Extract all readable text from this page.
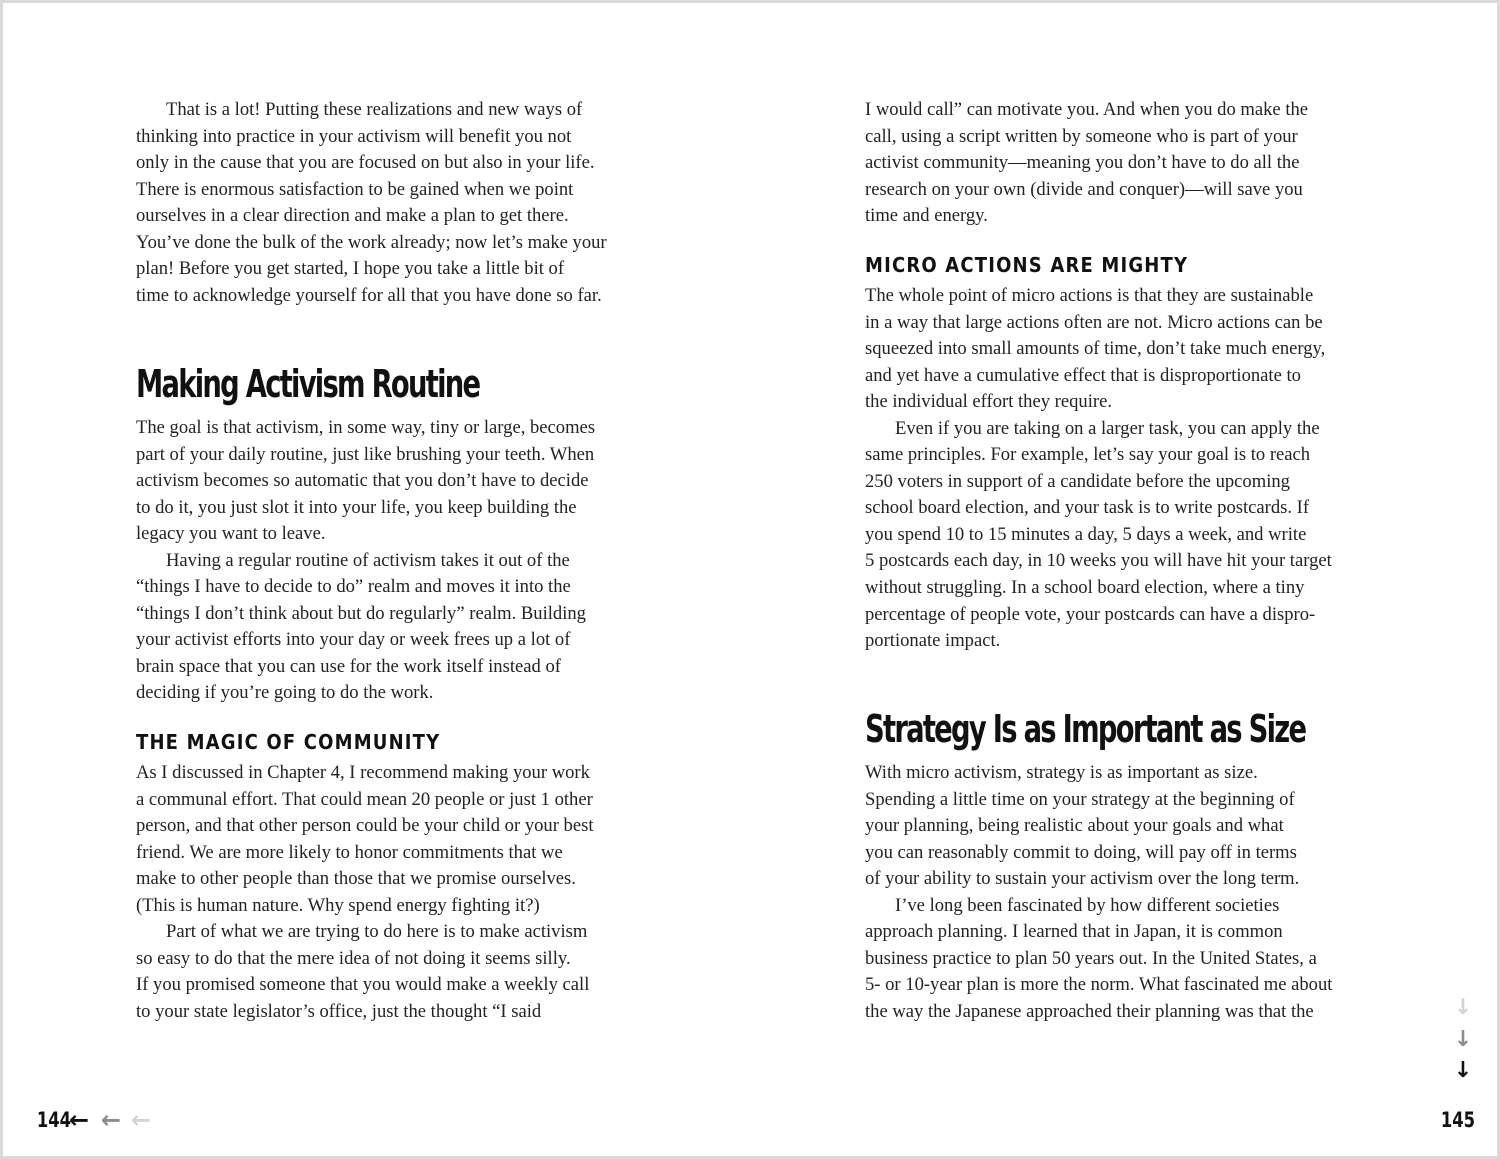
That is a lot! Putting these realizations and new ways of
thinking into practice in your activism will benefit you not
only in the cause that you are focused on but also in your life.
There is enormous satisfaction to be gained when we point
ourselves in a clear direction and make a plan to get there.
You’ve done the bulk of the work already; now let’s make your
plan! Before you get started, I hope you take a little bit of
time to acknowledge yourself for all that you have done so far.
Making Activism Routine
The goal is that activism, in some way, tiny or large, becomes
part of your daily routine, just like brushing your teeth. When
activism becomes so automatic that you don’t have to decide
to do it, you just slot it into your life, you keep building the
legacy you want to leave.
Having a regular routine of activism takes it out of the
“things I have to decide to do” realm and moves it into the
“things I don’t think about but do regularly” realm. Building
your activist efforts into your day or week frees up a lot of
brain space that you can use for the work itself instead of
deciding if you’re going to do the work.
THE MAGIC OF COMMUNITY
As I discussed in Chapter 4, I recommend making your work
a communal effort. That could mean 20 people or just 1 other
person, and that other person could be your child or your best
friend. We are more likely to honor commitments that we
make to other people than those that we promise ourselves.
(This is human nature. Why spend energy fighting it?)
Part of what we are trying to do here is to make activism
so easy to do that the mere idea of not doing it seems silly.
If you promised someone that you would make a weekly call
to your state legislator’s office, just the thought “I said
144
← ← ←
I would call” can motivate you. And when you do make the
call, using a script written by someone who is part of your
activist community—meaning you don’t have to do all the
research on your own (divide and conquer)—will save you
time and energy.
MICRO ACTIONS ARE MIGHTY
The whole point of micro actions is that they are sustainable
in a way that large actions often are not. Micro actions can be
squeezed into small amounts of time, don’t take much energy,
and yet have a cumulative effect that is disproportionate to
the individual effort they require.
Even if you are taking on a larger task, you can apply the
same principles. For example, let’s say your goal is to reach
250 voters in support of a candidate before the upcoming
school board election, and your task is to write postcards. If
you spend 10 to 15 minutes a day, 5 days a week, and write
5 postcards each day, in 10 weeks you will have hit your target
without struggling. In a school board election, where a tiny
percentage of people vote, your postcards can have a dispro-
portionate impact.
Strategy Is as Important as Size
With micro activism, strategy is as important as size.
Spending a little time on your strategy at the beginning of
your planning, being realistic about your goals and what
you can reasonably commit to doing, will pay off in terms
of your ability to sustain your activism over the long term.
I’ve long been fascinated by how different societies
approach planning. I learned that in Japan, it is common
business practice to plan 50 years out. In the United States, a
5- or 10-year plan is more the norm. What fascinated me about
the way the Japanese approached their planning was that the	↓
↓
↓
145
